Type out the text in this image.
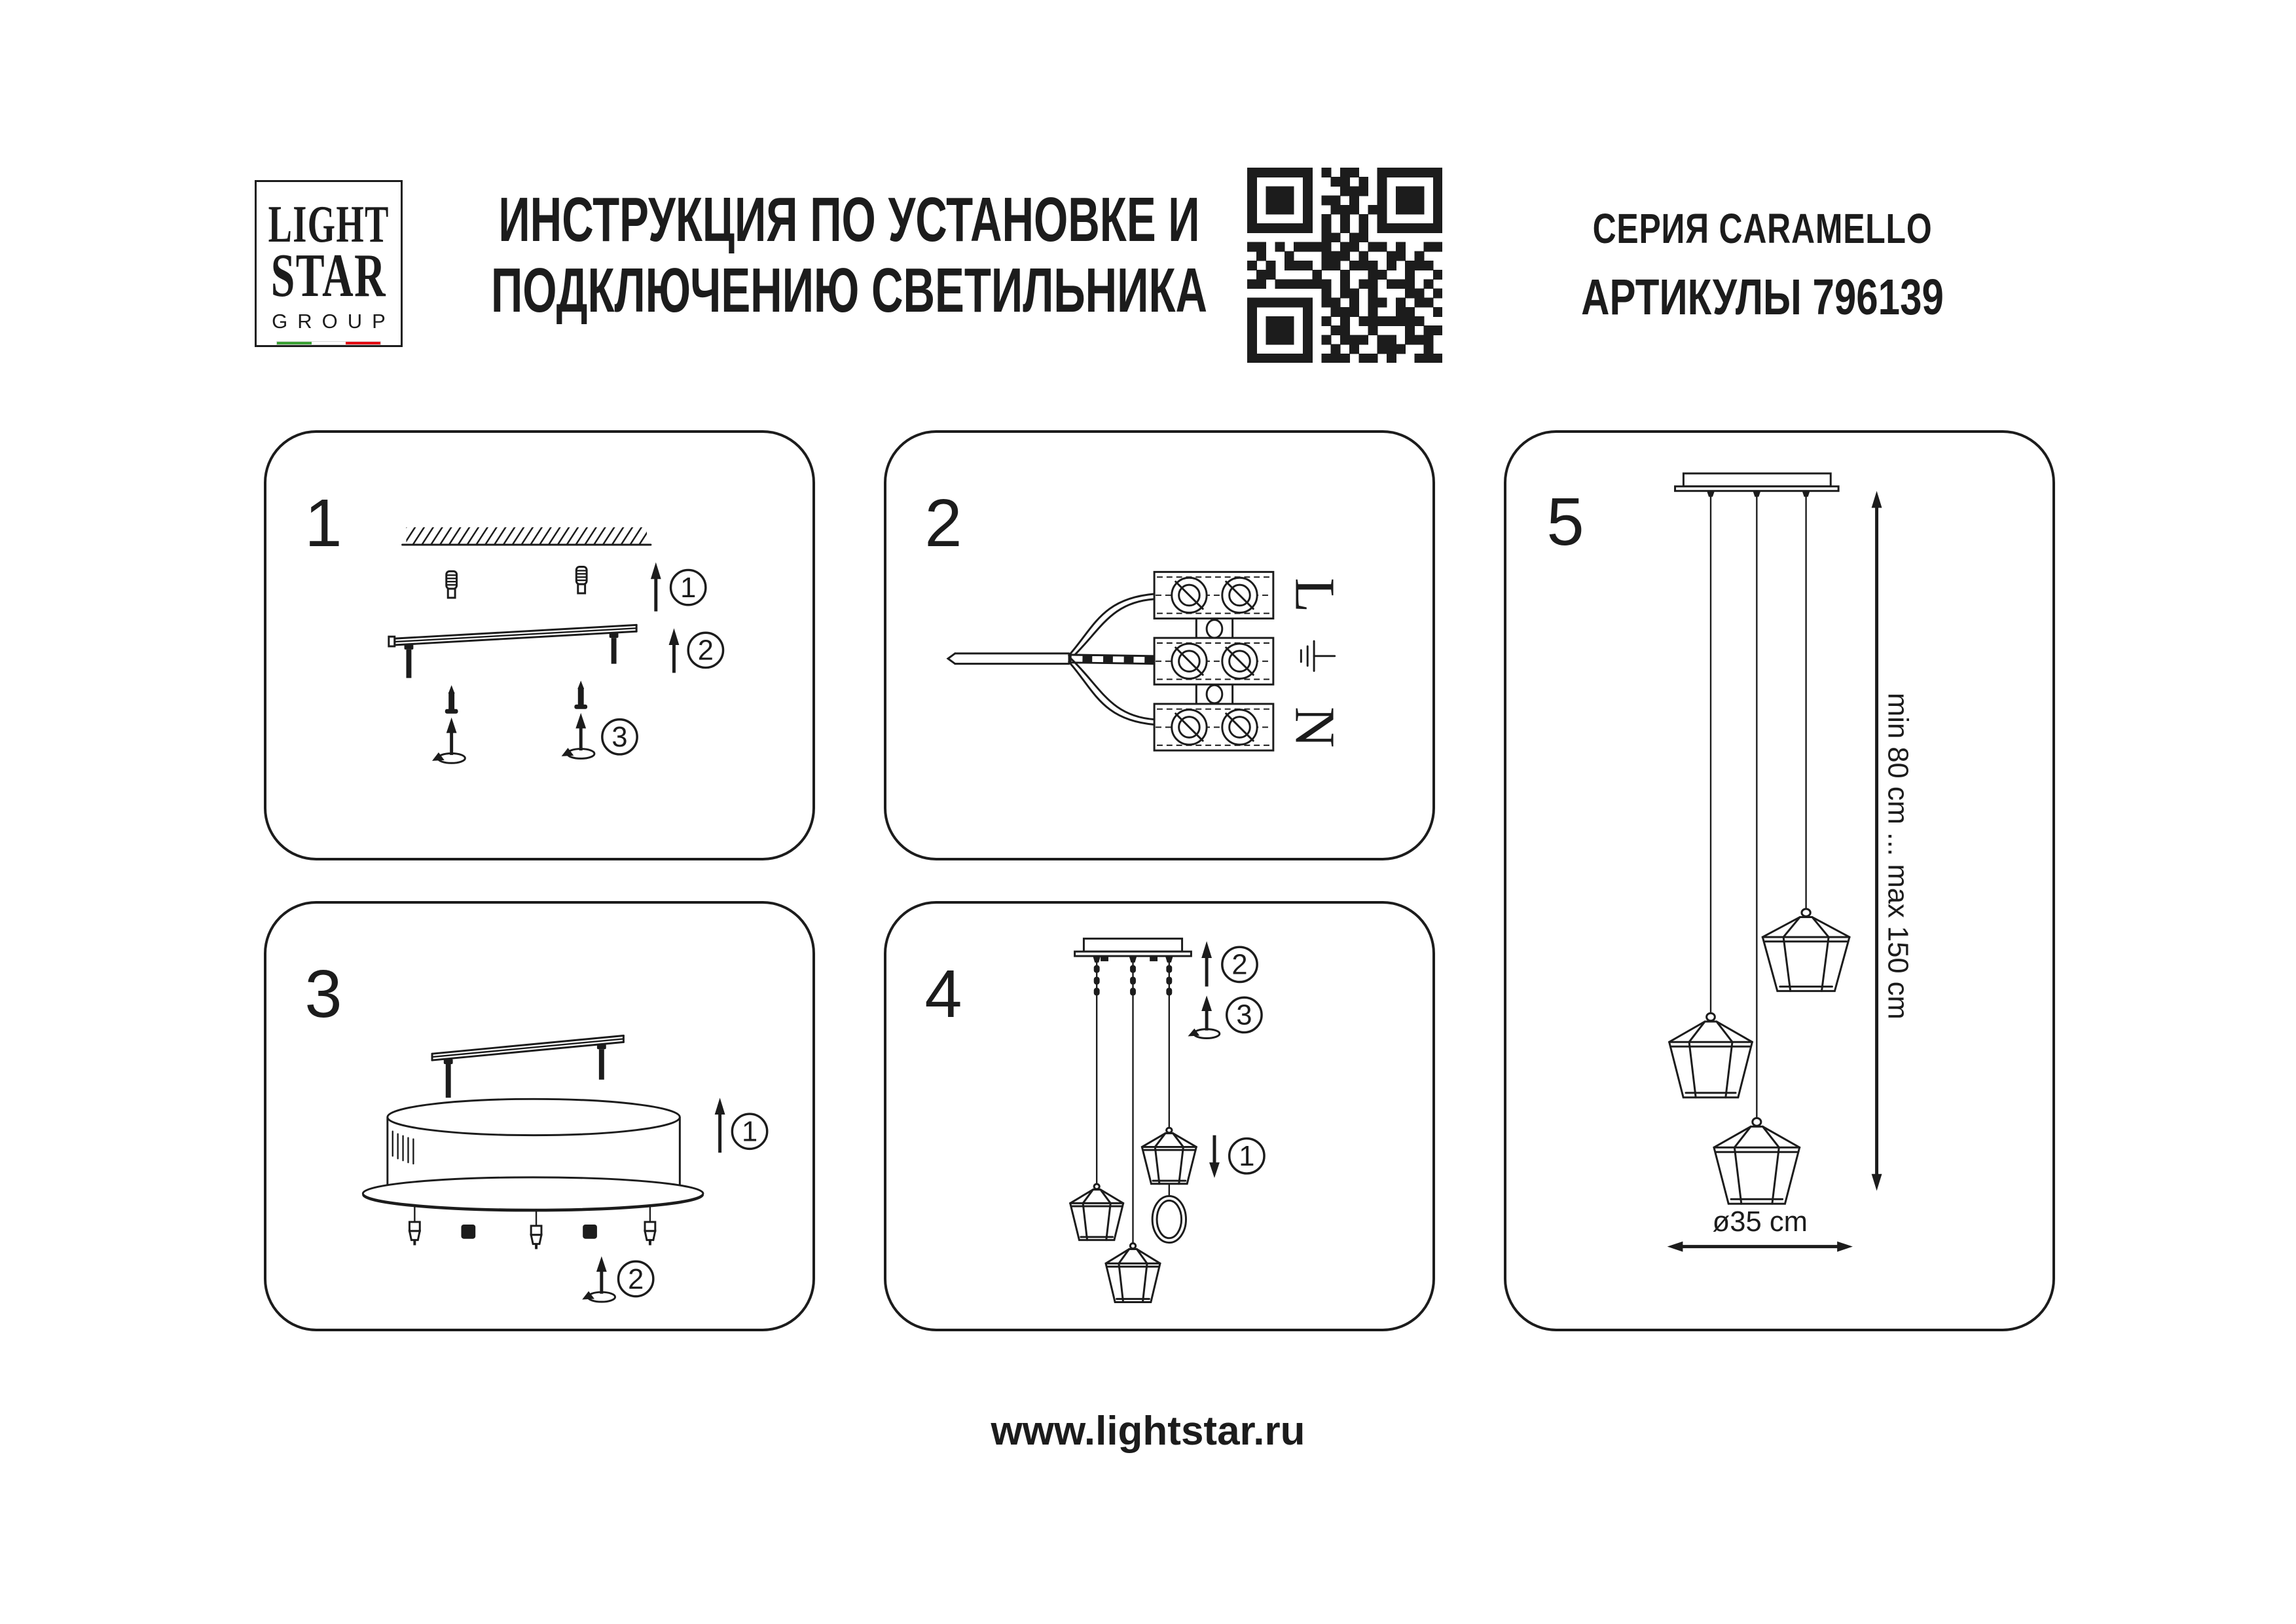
LIGHT
STAR
GROUP
ИНСТРУКЦИЯ ПО УСТАНОВКЕ И
ПОДКЛЮЧЕНИЮ СВЕТИЛЬНИКА
СЕРИЯ CARAMELLO
АРТИКУЛЫ 796139
1
1
2
3
2
L
N
3
1
2
4	2
3
1
5
min 80 cm ... max 150 cm
ø35 cm
www.lightstar.ru
